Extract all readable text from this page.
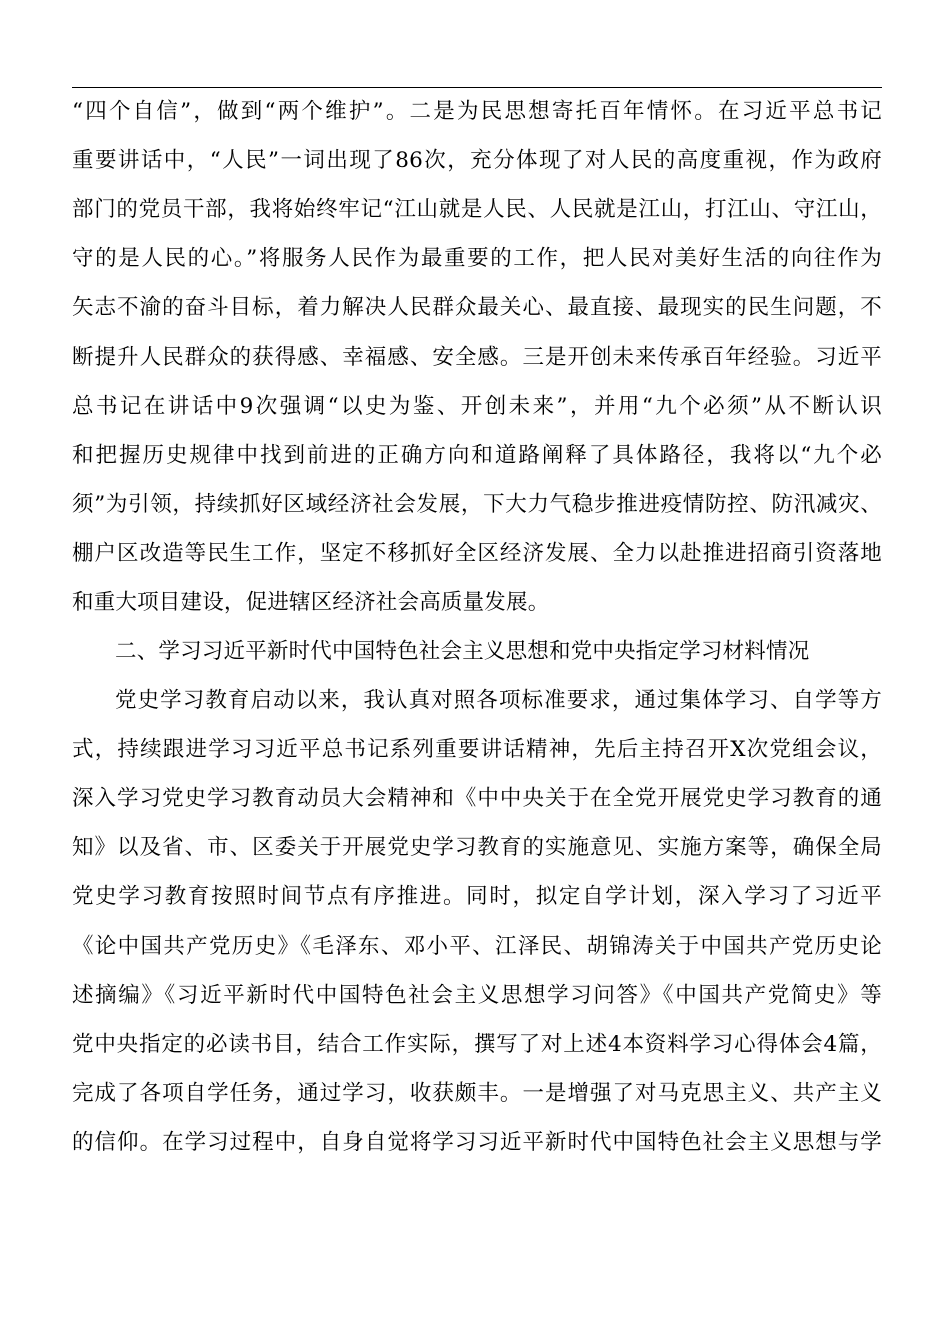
“四个自信”，做到“两个维护”。二是为民思想寄托百年情怀。在习近平总书记
重要讲话中，“人民”一词出现了86次，充分体现了对人民的高度重视，作为政府
部门的党员干部，我将始终牢记“江山就是人民、人民就是江山，打江山、守江山，
守的是人民的心。”将服务人民作为最重要的工作，把人民对美好生活的向往作为
矢志不渝的奋斗目标，着力解决人民群众最关心、最直接、最现实的民生问题，不
断提升人民群众的获得感、幸福感、安全感。三是开创未来传承百年经验。习近平
总书记在讲话中9次强调“以史为鉴、开创未来”，并用“九个必须”从不断认识
和把握历史规律中找到前进的正确方向和道路阐释了具体路径，我将以“九个必
须”为引领，持续抓好区域经济社会发展，下大力气稳步推进疫情防控、防汛减灾、
棚户区改造等民生工作，坚定不移抓好全区经济发展、全力以赴推进招商引资落地
和重大项目建设，促进辖区经济社会高质量发展。
二、学习习近平新时代中国特色社会主义思想和党中央指定学习材料情况
党史学习教育启动以来，我认真对照各项标准要求，通过集体学习、自学等方
式，持续跟进学习习近平总书记系列重要讲话精神，先后主持召开X次党组会议，
深入学习党史学习教育动员大会精神和《中中央关于在全党开展党史学习教育的通
知》以及省、市、区委关于开展党史学习教育的实施意见、实施方案等，确保全局
党史学习教育按照时间节点有序推进。同时，拟定自学计划，深入学习了习近平
《论中国共产党历史》《毛泽东、邓小平、江泽民、胡锦涛关于中国共产党历史论
述摘编》《习近平新时代中国特色社会主义思想学习问答》《中国共产党简史》等
党中央指定的必读书目，结合工作实际，撰写了对上述4本资料学习心得体会4篇，
完成了各项自学任务，通过学习，收获颇丰。一是增强了对马克思主义、共产主义
的信仰。在学习过程中，自身自觉将学习习近平新时代中国特色社会主义思想与学
